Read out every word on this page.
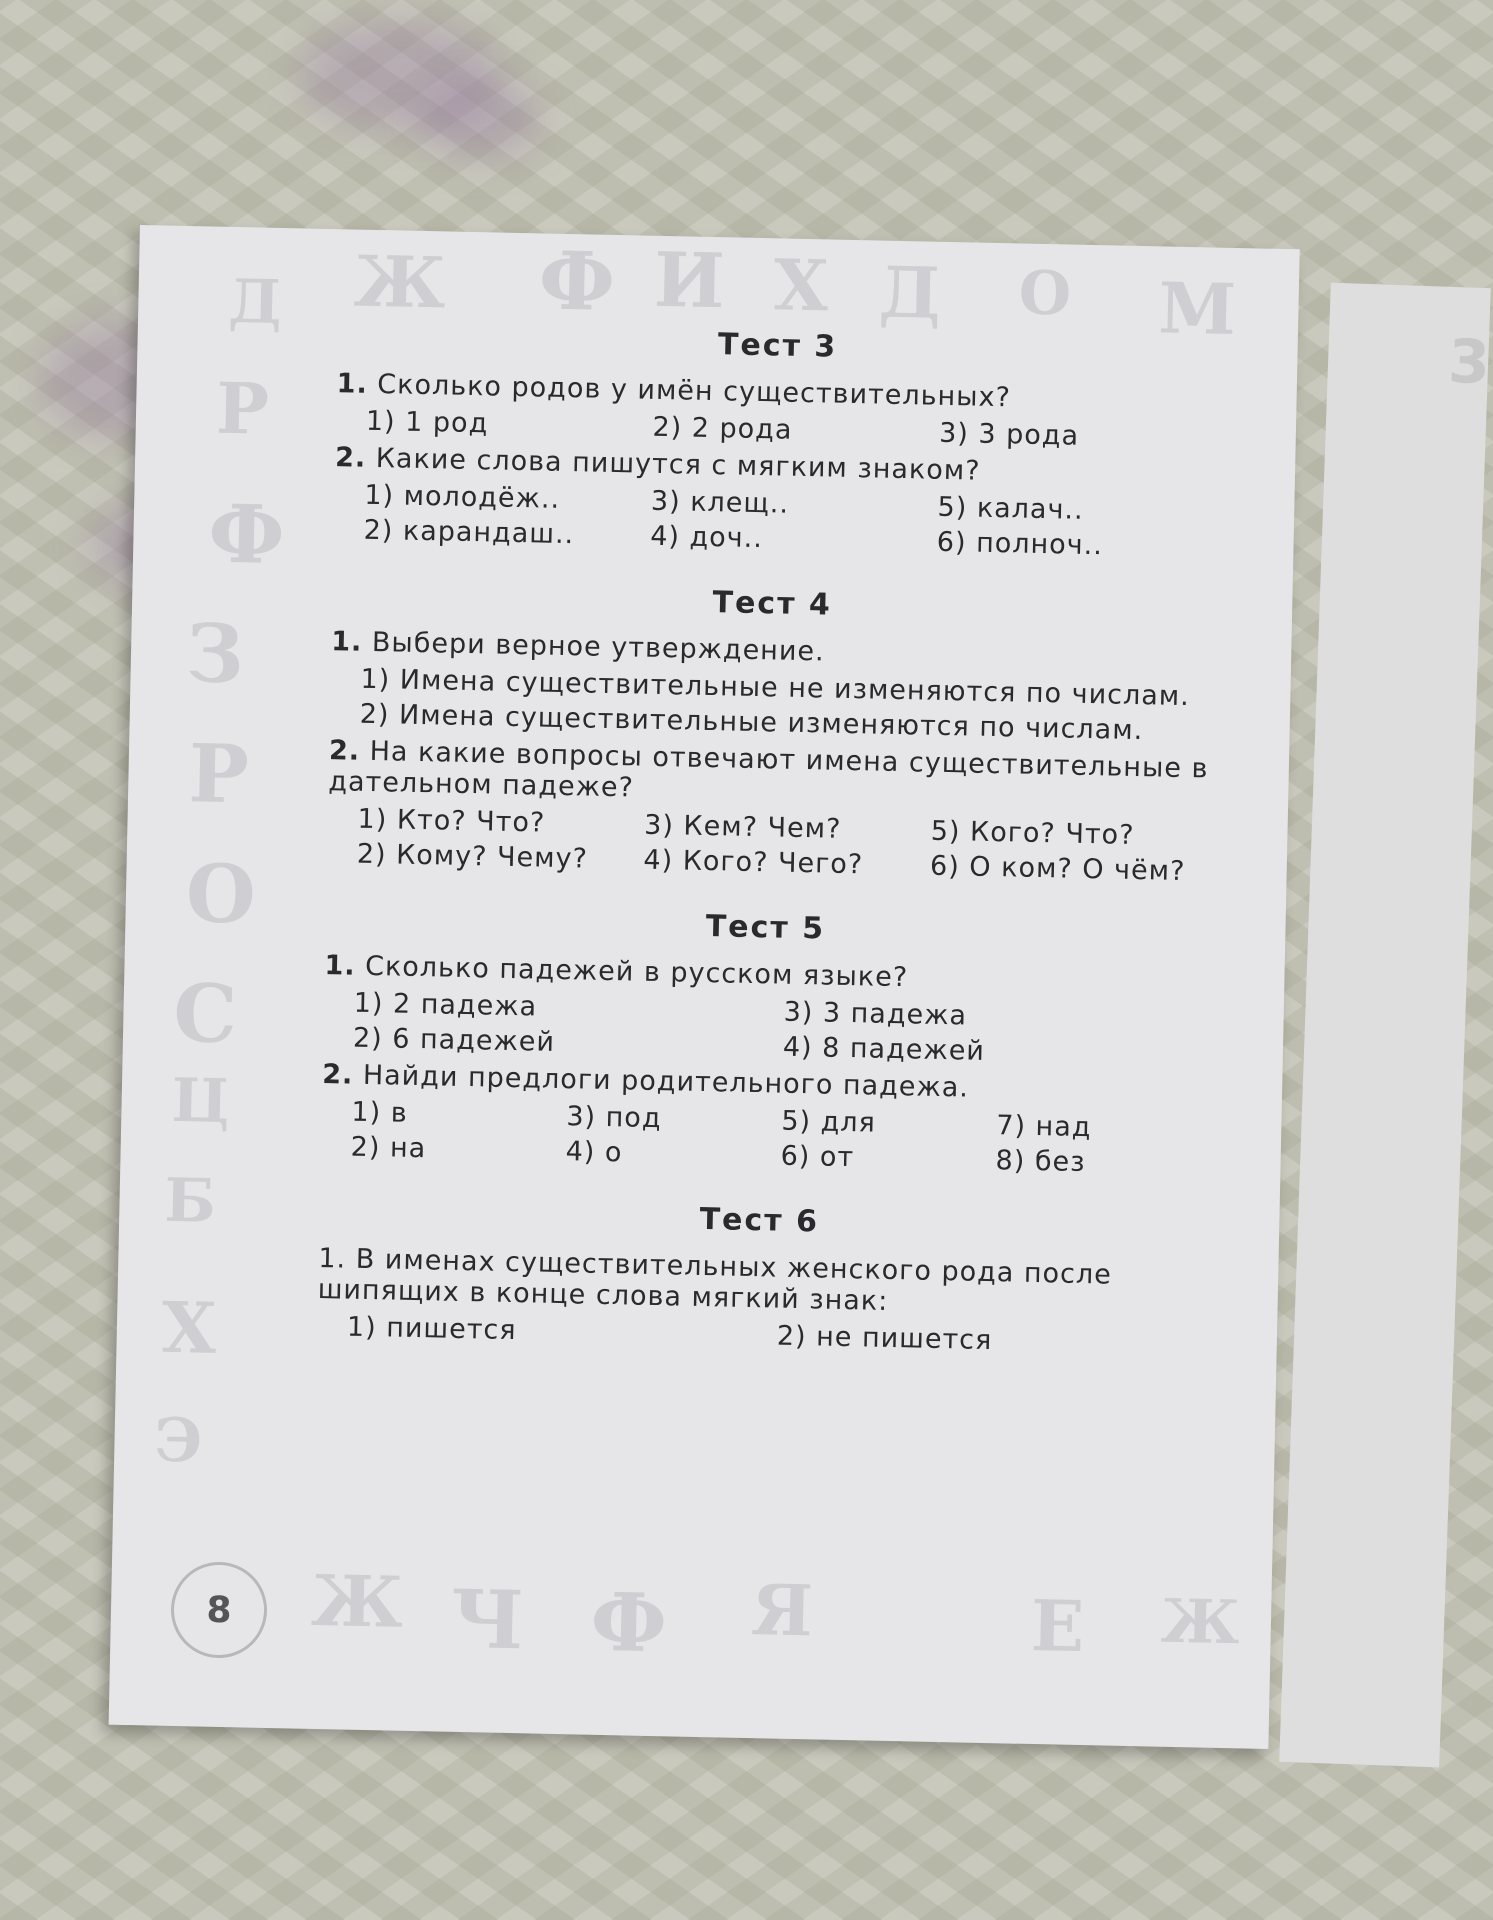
3
Д Ж Ф И Х Д О М
Р
Ф
З
Р
О
С
Ц
Б
Х
Э
Ж Ч Ф Я	Е Ж
8
Тест 3
1. Сколько родов у имён существительных?
1) 1 род	2) 2 рода	3) 3 рода
2. Какие слова пишутся с мягким знаком?
1) молодёж..	3) клещ..	5) калач..
2) карандаш..	4) доч..	6) полноч..
Тест 4
1. Выбери верное утверждение.
1) Имена существительные не изменяются по числам.
2) Имена существительные изменяются по числам.
2. На какие вопросы отвечают имена существительные в дательном падеже?
1) Кто? Что?	3) Кем? Чем?	5) Кого? Что?
2) Кому? Чему?	4) Кого? Чего?	6) О ком? О чём?
Тест 5
1. Сколько падежей в русском языке?
1) 2 падежа	3) 3 падежа
2) 6 падежей	4) 8 падежей
2. Найди предлоги родительного падежа.
1) в	3) под	5) для	7) над
2) на	4) о	6) от	8) без
Тест 6
1. В именах существительных женского рода после шипящих в конце слова мягкий знак:
1) пишется	2) не пишется
